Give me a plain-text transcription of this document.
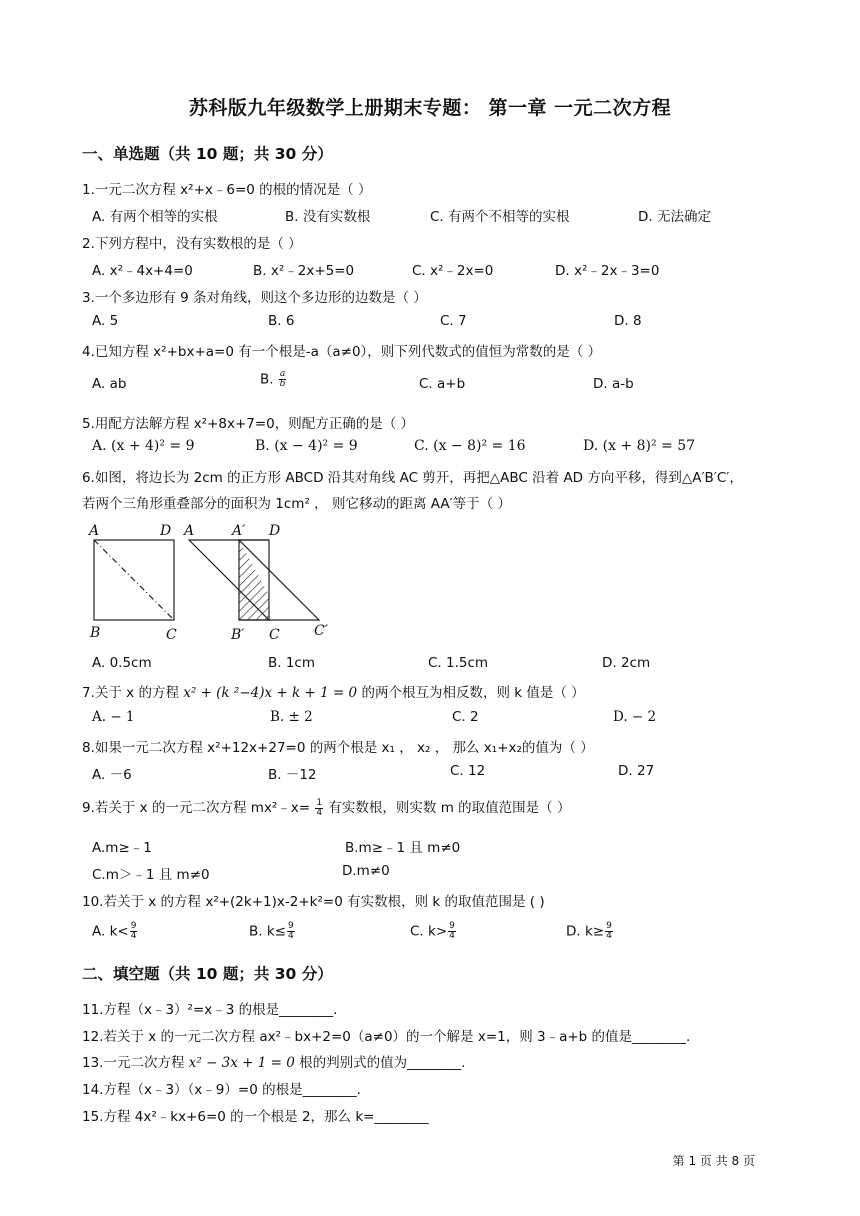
苏科版九年级数学上册期末专题： 第一章 一元二次方程
一、单选题（共 10 题；共 30 分）
1.一元二次方程 x²+x﹣6=0 的根的情况是（ ）
A. 有两个相等的实根	B. 没有实数根	C. 有两个不相等的实根	D. 无法确定
2.下列方程中，没有实数根的是（ ）
A. x²﹣4x+4=0	B. x²﹣2x+5=0	C. x²﹣2x=0	D. x²﹣2x﹣3=0
3.一个多边形有 9 条对角线，则这个多边形的边数是（ ）
A. 5	B. 6	C. 7	D. 8
4.已知方程 x²+bx+a=0 有一个根是-a（a≠0），则下列代数式的值恒为常数的是（ ）
A. ab	B. $\frac{a}{b}$	C. a+b	D. a-b
5.用配方法解方程 x²+8x+7=0，则配方正确的是（ ）
A. (x + 4)² = 9	B. (x − 4)² = 9	C. (x − 8)² = 16	D. (x + 8)² = 57
6.如图，将边长为 2cm 的正方形 ABCD 沿其对角线 AC 剪开，再把△ABC 沿着 AD 方向平移，得到△A′B′C′，
若两个三角形重叠部分的面积为 1cm² ， 则它移动的距离 AA′等于（ ）
A	D
B	C
A	A′ D
B′ C C′
A. 0.5cm	B. 1cm	C. 1.5cm	D. 2cm
7.关于 x 的方程 x² + (k ²−4)x + k + 1 = 0 的两个根互为相反数，则 k 值是（ ）
A. − 1	B. ± 2	C. 2	D. − 2
8.如果一元二次方程 x²+12x+27=0 的两个根是 x₁ ， x₂ ， 那么 x₁+x₂的值为（ ）
A. －6	B. －12	C. 12	D. 27
9.若关于 x 的一元二次方程 mx²﹣x= $\frac{1}{4}$ 有实数根，则实数 m 的取值范围是（ ）
A.m≥﹣1	B.m≥﹣1 且 m≠0
C.m＞﹣1 且 m≠0	D.m≠0
10.若关于 x 的方程 x²+(2k+1)x-2+k²=0 有实数根，则 k 的取值范围是 ( )
A. $k< \frac{9}{4}$	B. $k\le \frac{9}{4}$	C. $k> \frac{9}{4}$	D. $k\ge \frac{9}{4}$
二、填空题（共 10 题；共 30 分）
11.方程（x﹣3）²=x﹣3 的根是________.
12.若关于 x 的一元二次方程 ax²﹣bx+2=0（a≠0）的一个解是 x=1，则 3﹣a+b 的值是________.
13.一元二次方程 x² − 3x + 1 = 0 根的判别式的值为________.
14.方程（x﹣3）（x﹣9）=0 的根是________.
15.方程 4x²﹣kx+6=0 的一个根是 2，那么 k=________
第 1 页 共 8 页
